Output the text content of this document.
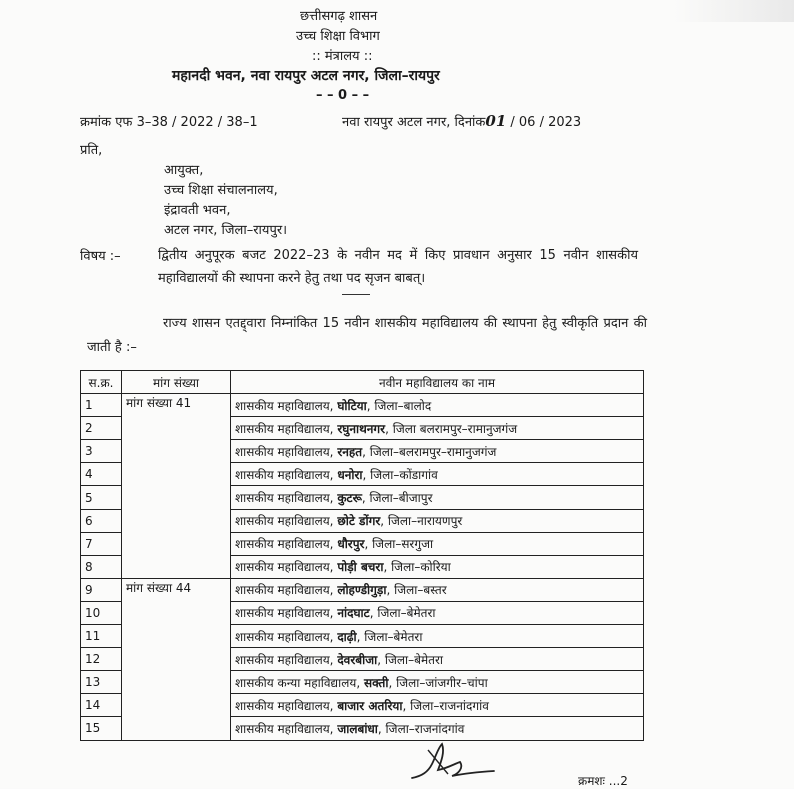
छत्तीसगढ़ शासन
उच्च शिक्षा विभाग
:: मंत्रालय ::
महानदी भवन, नवा रायपुर अटल नगर, जिला–रायपुर
– – 0 – –
क्रमांक एफ 3–38 / 2022 / 38–1	नवा रायपुर अटल नगर, दिनांक01 / 06 / 2023
प्रति,
आयुक्त,
उच्च शिक्षा संचालनालय,
इंद्रावती भवन,
अटल नगर, जिला–रायपुर।
विषय :–	द्वितीय अनुपूरक बजट 2022–23 के नवीन मद में किए प्रावधान अनुसार 15 नवीन शासकीय महाविद्यालयों की स्थापना करने हेतु तथा पद सृजन बाबत्।
राज्य शासन एतद्द्वारा निम्नांकित 15 नवीन शासकीय महाविद्यालय की स्थापना हेतु स्वीकृति प्रदान की जाती है :–
स.क्र.	मांग संख्या	नवीन महाविद्यालय का नाम
1	मांग संख्या 41	शासकीय महाविद्यालय, घोटिया, जिला–बालोद
2		शासकीय महाविद्यालय, रघुनाथनगर, जिला बलरामपुर–रामानुजगंज
3		शासकीय महाविद्यालय, रनहत, जिला–बलरामपुर–रामानुजगंज
4		शासकीय महाविद्यालय, धनोरा, जिला–कोंडागांव
5		शासकीय महाविद्यालय, कुटरू, जिला–बीजापुर
6		शासकीय महाविद्यालय, छोटे डोंगर, जिला–नारायणपुर
7		शासकीय महाविद्यालय, धौरपुर, जिला–सरगुजा
8		शासकीय महाविद्यालय, पोड़ी बचरा, जिला–कोरिया
9	मांग संख्या 44	शासकीय महाविद्यालय, लोहण्डीगुड़ा, जिला–बस्तर
10		शासकीय महाविद्यालय, नांदघाट, जिला–बेमेतरा
11		शासकीय महाविद्यालय, दाढ़ी, जिला–बेमेतरा
12		शासकीय महाविद्यालय, देवरबीजा, जिला–बेमेतरा
13		शासकीय कन्या महाविद्यालय, सक्ती, जिला–जांजगीर–चांपा
14		शासकीय महाविद्यालय, बाजार अतरिया, जिला–राजनांदगांव
15		शासकीय महाविद्यालय, जालबांधा, जिला–राजनांदगांव
क्रमशः ...2
